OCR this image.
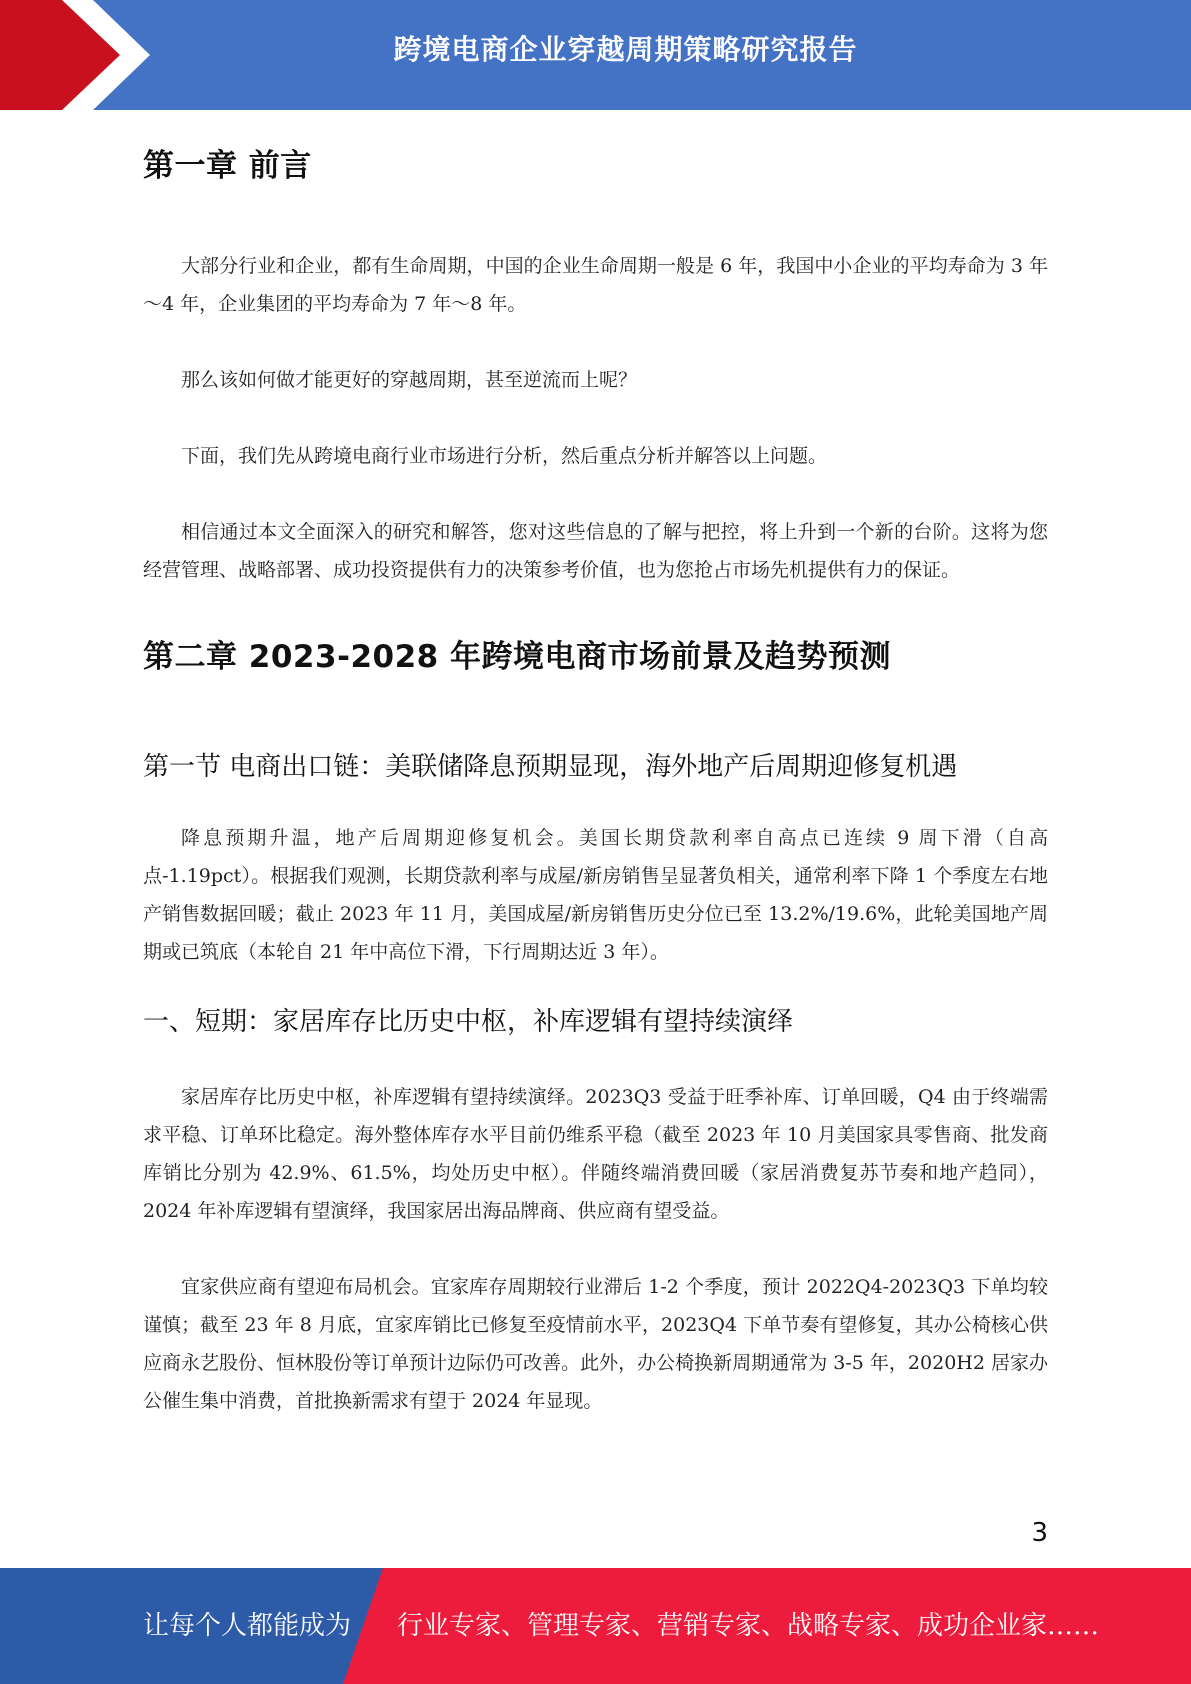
跨境电商企业穿越周期策略研究报告
第一章 前言

大部分行业和企业，都有生命周期，中国的企业生命周期一般是 6 年，我国中小企业的平均寿命为 3 年～4 年，企业集团的平均寿命为 7 年～8 年。

那么该如何做才能更好的穿越周期，甚至逆流而上呢？

下面，我们先从跨境电商行业市场进行分析，然后重点分析并解答以上问题。

相信通过本文全面深入的研究和解答，您对这些信息的了解与把控，将上升到一个新的台阶。这将为您经营管理、战略部署、成功投资提供有力的决策参考价值，也为您抢占市场先机提供有力的保证。

第二章 2023-2028 年跨境电商市场前景及趋势预测
第一节 电商出口链：美联储降息预期显现，海外地产后周期迎修复机遇

降息预期升温，地产后周期迎修复机会。美国长期贷款利率自高点已连续 9 周下滑（自高点-1.19pct）。根据我们观测，长期贷款利率与成屋/新房销售呈显著负相关，通常利率下降 1 个季度左右地产销售数据回暖；截止 2023 年 11 月，美国成屋/新房销售历史分位已至 13.2%/19.6%，此轮美国地产周期或已筑底（本轮自 21 年中高位下滑，下行周期达近 3 年）。

一、短期：家居库存比历史中枢，补库逻辑有望持续演绎

家居库存比历史中枢，补库逻辑有望持续演绎。2023Q3 受益于旺季补库、订单回暖，Q4 由于终端需求平稳、订单环比稳定。海外整体库存水平目前仍维系平稳（截至 2023 年 10 月美国家具零售商、批发商库销比分别为 42.9%、61.5%，均处历史中枢）。伴随终端消费回暖（家居消费复苏节奏和地产趋同），2024 年补库逻辑有望演绎，我国家居出海品牌商、供应商有望受益。

宜家供应商有望迎布局机会。宜家库存周期较行业滞后 1-2 个季度，预计 2022Q4-2023Q3 下单均较谨慎；截至 23 年 8 月底，宜家库销比已修复至疫情前水平，2023Q4 下单节奏有望修复，其办公椅核心供应商永艺股份、恒林股份等订单预计边际仍可改善。此外，办公椅换新周期通常为 3-5 年，2020H2 居家办公催生集中消费，首批换新需求有望于 2024 年显现。

3
让每个人都能成为 行业专家、管理专家、营销专家、战略专家、成功企业家……
